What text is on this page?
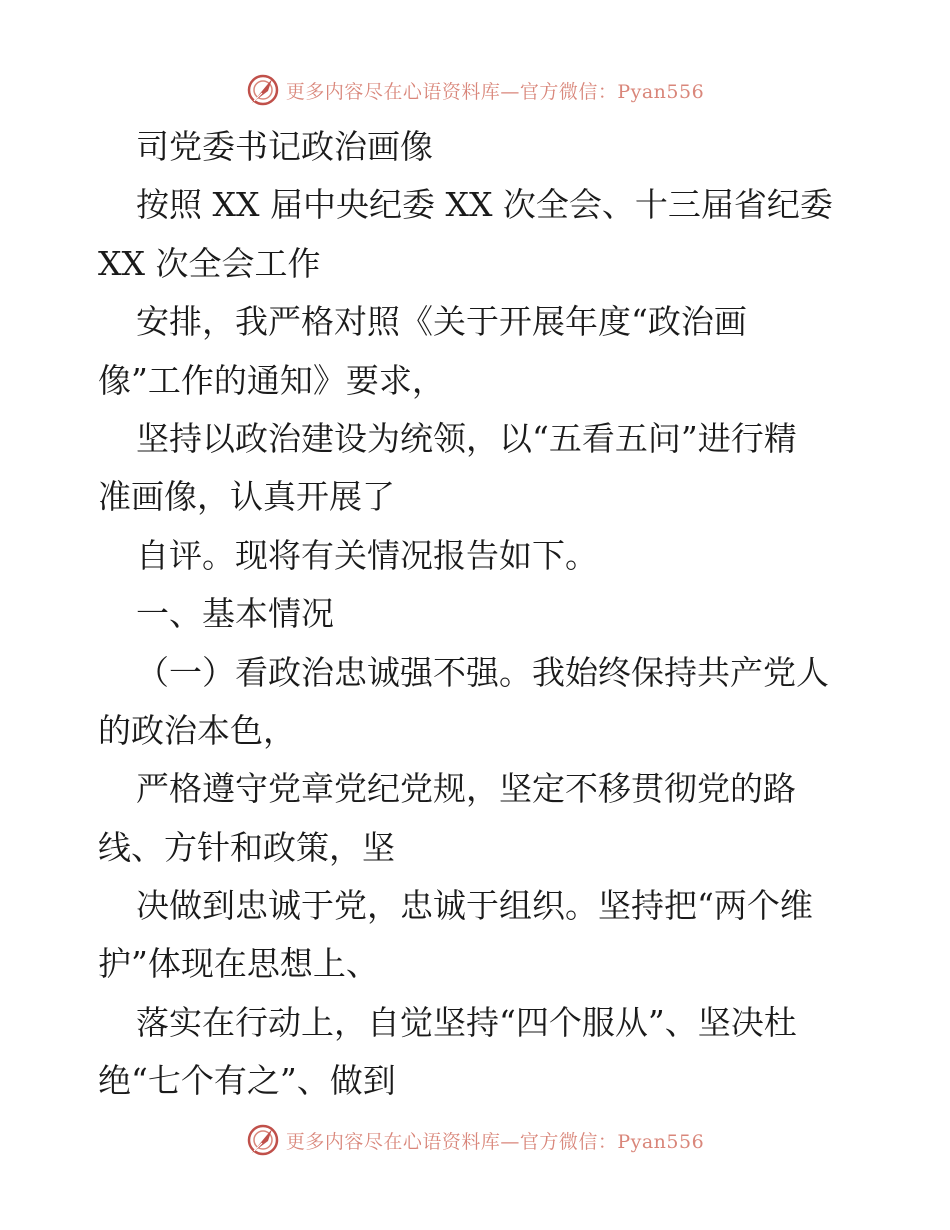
更多内容尽在心语资料库—官方微信：Pyan556
司党委书记政治画像
按照 XX 届中央纪委 XX 次全会、十三届省纪委
XX 次全会工作
安排，我严格对照《关于开展年度“政治画
像”工作的通知》要求，
坚持以政治建设为统领，以“五看五问”进行精
准画像，认真开展了
自评。现将有关情况报告如下。
一、基本情况
（一）看政治忠诚强不强。我始终保持共产党人
的政治本色，
严格遵守党章党纪党规，坚定不移贯彻党的路
线、方针和政策，坚
决做到忠诚于党，忠诚于组织。坚持把“两个维
护”体现在思想上、
落实在行动上，自觉坚持“四个服从”、坚决杜
绝“七个有之”、做到
更多内容尽在心语资料库—官方微信：Pyan556
